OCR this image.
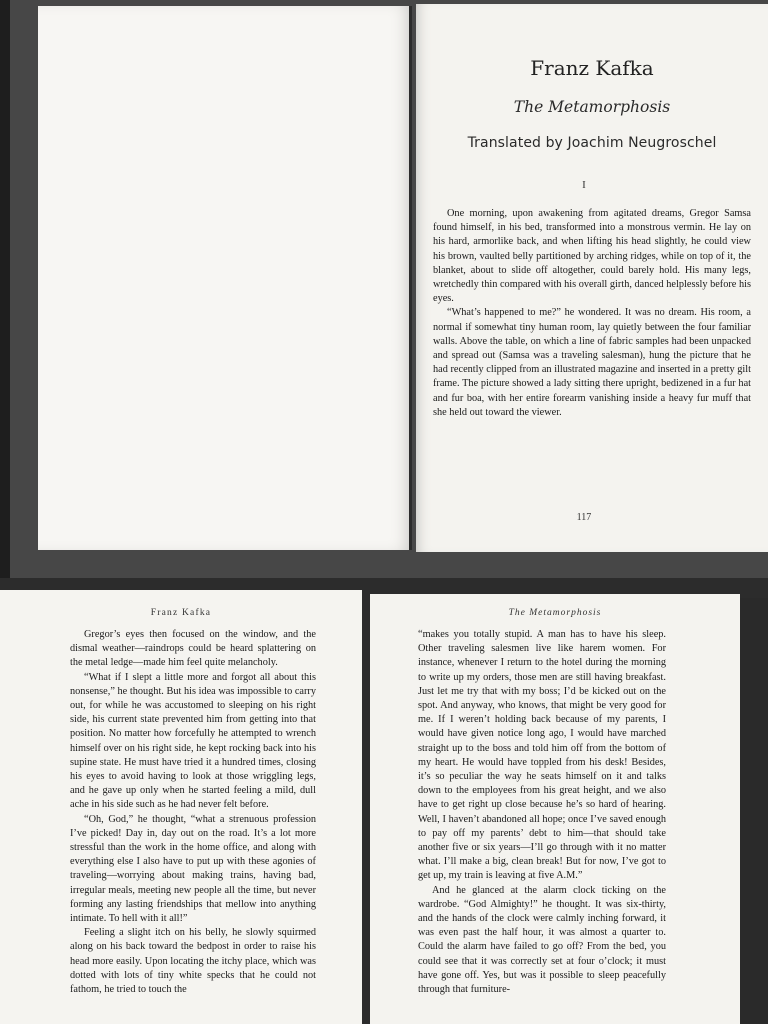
Franz Kafka
The Metamorphosis
Translated by Joachim Neugroschel
I

One morning, upon awakening from agitated dreams, Gregor Samsa found himself, in his bed, transformed into a monstrous vermin. He lay on his hard, armorlike back, and when lifting his head slightly, he could view his brown, vaulted belly partitioned by arching ridges, while on top of it, the blanket, about to slide off altogether, could barely hold. His many legs, wretchedly thin compared with his overall girth, danced helplessly before his eyes.

“What’s happened to me?” he wondered. It was no dream. His room, a normal if somewhat tiny human room, lay quietly between the four familiar walls. Above the table, on which a line of fabric samples had been unpacked and spread out (Samsa was a traveling salesman), hung the picture that he had recently clipped from an illustrated magazine and inserted in a pretty gilt frame. The picture showed a lady sitting there upright, bedizened in a fur hat and fur boa, with her entire forearm vanishing inside a heavy fur muff that she held out toward the viewer.

117
Franz Kafka

Gregor’s eyes then focused on the window, and the dismal weather—raindrops could be heard splattering on the metal ledge—made him feel quite melancholy.

“What if I slept a little more and forgot all about this nonsense,” he thought. But his idea was impossible to carry out, for while he was accustomed to sleeping on his right side, his current state prevented him from getting into that position. No matter how forcefully he attempted to wrench himself over on his right side, he kept rocking back into his supine state. He must have tried it a hundred times, closing his eyes to avoid having to look at those wriggling legs, and he gave up only when he started feeling a mild, dull ache in his side such as he had never felt before.

“Oh, God,” he thought, “what a strenuous profession I’ve picked! Day in, day out on the road. It’s a lot more stressful than the work in the home office, and along with everything else I also have to put up with these agonies of traveling—worrying about making trains, having bad, irregular meals, meeting new people all the time, but never forming any lasting friendships that mellow into anything intimate. To hell with it all!”

Feeling a slight itch on his belly, he slowly squirmed along on his back toward the bedpost in order to raise his head more easily. Upon locating the itchy place, which was dotted with lots of tiny white specks that he could not fathom, he tried to touch the

The Metamorphosis

“makes you totally stupid. A man has to have his sleep. Other traveling salesmen live like harem women. For instance, whenever I return to the hotel during the morning to write up my orders, those men are still having breakfast. Just let me try that with my boss; I’d be kicked out on the spot. And anyway, who knows, that might be very good for me. If I weren’t holding back because of my parents, I would have given notice long ago, I would have marched straight up to the boss and told him off from the bottom of my heart. He would have toppled from his desk! Besides, it’s so peculiar the way he seats himself on it and talks down to the employees from his great height, and we also have to get right up close because he’s so hard of hearing. Well, I haven’t abandoned all hope; once I’ve saved enough to pay off my parents’ debt to him—that should take another five or six years—I’ll go through with it no matter what. I’ll make a big, clean break! But for now, I’ve got to get up, my train is leaving at five A.M.”

And he glanced at the alarm clock ticking on the wardrobe. “God Almighty!” he thought. It was six-thirty, and the hands of the clock were calmly inching forward, it was even past the half hour, it was almost a quarter to. Could the alarm have failed to go off? From the bed, you could see that it was correctly set at four o’clock; it must have gone off. Yes, but was it possible to sleep peacefully through that furniture-
